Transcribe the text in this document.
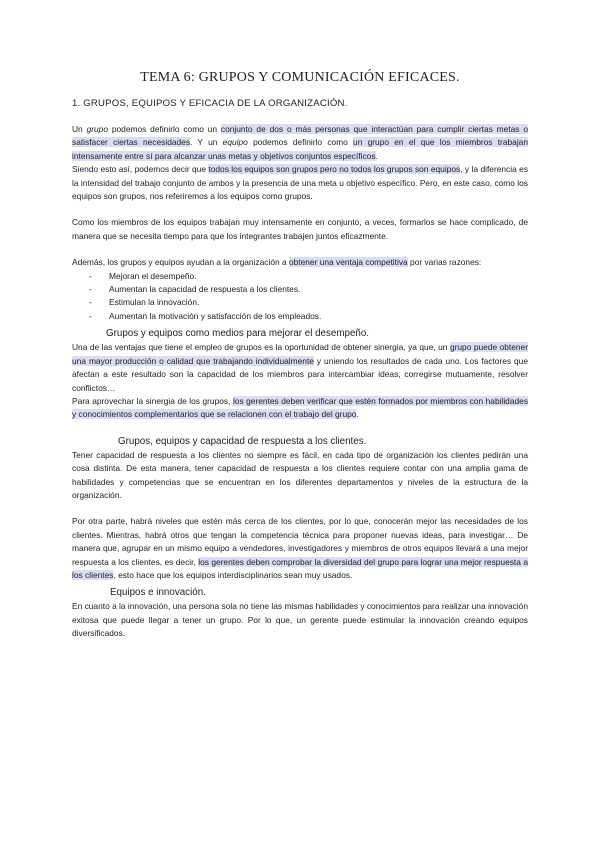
TEMA 6: GRUPOS Y COMUNICACIÓN EFICACES.
1. GRUPOS, EQUIPOS Y EFICACIA DE LA ORGANIZACIÓN.

Un grupo podemos definirlo como un conjunto de dos o más personas que interactúan para cumplir ciertas metas o satisfacer ciertas necesidades. Y un equipo podemos definirlo como un grupo en el que los miembros trabajan intensamente entre sí para alcanzar unas metas y objetivos conjuntos específicos.

Siendo esto así, podemos decir que todos los equipos son grupos pero no todos los grupos son equipos, y la diferencia es la intensidad del trabajo conjunto de ambos y la presencia de una meta u objetivo específico. Pero, en este caso, como los equipos son grupos, nos referiremos a los equipos como grupos.

Como los miembros de los equipos trabajan muy intensamente en conjunto, a veces, formarlos se hace complicado, de manera que se necesita tiempo para que los integrantes trabajen juntos eficazmente.

Además, los grupos y equipos ayudan a la organización a obtener una ventaja competitiva por varias razones:

- Mejoran el desempeño.
- Aumentan la capacidad de respuesta a los clientes.
- Estimulan la innovación.
- Aumentan la motivación y satisfacción de los empleados.
Grupos y equipos como medios para mejorar el desempeño.

Una de las ventajas que tiene el empleo de grupos es la oportunidad de obtener sinergia, ya que, un grupo puede obtener una mayor producción o calidad que trabajando individualmente y uniendo los resultados de cada uno. Los factores que afectan a este resultado son la capacidad de los miembros para intercambiar ideas, corregirse mutuamente, resolver conflictos…

Para aprovechar la sinergia de los grupos, los gerentes deben verificar que estén formados por miembros con habilidades y conocimientos complementarios que se relacionen con el trabajo del grupo.

Grupos, equipos y capacidad de respuesta a los clientes.

Tener capacidad de respuesta a los clientes no siempre es fácil, en cada tipo de organización los clientes pedirán una cosa distinta. De esta manera, tener capacidad de respuesta a los clientes requiere contar con una amplia gama de habilidades y competencias que se encuentran en los diferentes departamentos y niveles de la estructura de la organización.

Por otra parte, habrá niveles que estén más cerca de los clientes, por lo que, conocerán mejor las necesidades de los clientes. Mientras, habrá otros que tengan la competencia técnica para proponer nuevas ideas, para investigar… De manera que, agrupar en un mismo equipo a vendedores, investigadores y miembros de otros equipos llevará a una mejor respuesta a los clientes, es decir, los gerentes deben comprobar la diversidad del grupo para lograr una mejor respuesta a los clientes, esto hace que los equipos interdisciplinarios sean muy usados.

Equipos e innovación.

En cuanto a la innovación, una persona sola no tiene las mismas habilidades y conocimientos para realizar una innovación exitosa que puede llegar a tener un grupo. Por lo que, un gerente puede estimular la innovación creando equipos diversificados.
